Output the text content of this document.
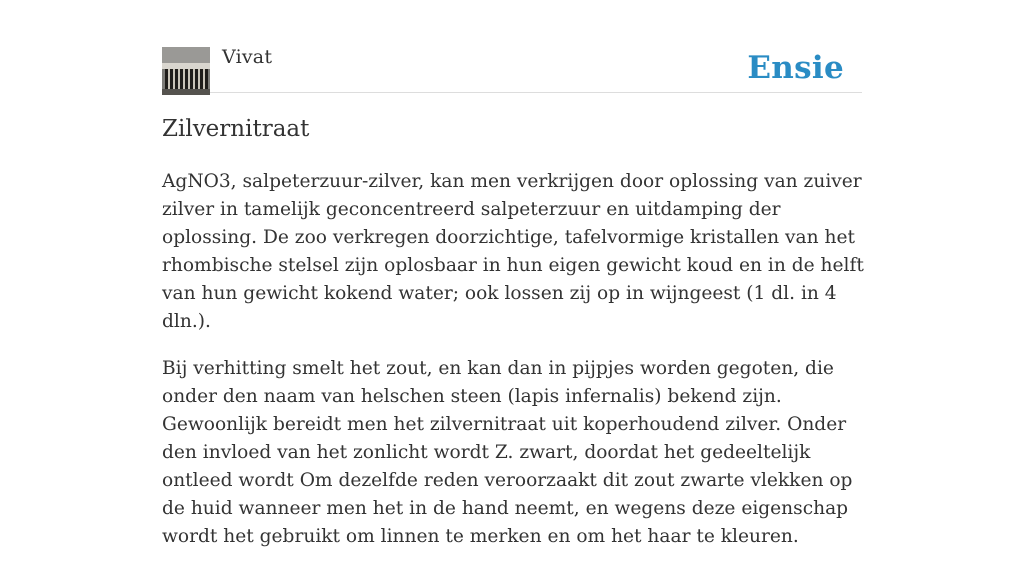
Vivat	Ensie
Zilvernitraat

AgNO3, salpeterzuur-zilver, kan men verkrijgen door oplossing van zuiver zilver in tamelijk geconcentreerd salpeterzuur en uitdamping der oplossing. De zoo verkregen doorzichtige, tafelvormige kristallen van het rhombische stelsel zijn oplosbaar in hun eigen gewicht koud en in de helft van hun gewicht kokend water; ook lossen zij op in wijngeest (1 dl. in 4 dln.).

Bij verhitting smelt het zout, en kan dan in pijpjes worden gegoten, die onder den naam van helschen steen (lapis infernalis) bekend zijn. Gewoonlijk bereidt men het zilvernitraat uit koperhoudend zilver. Onder den invloed van het zonlicht wordt Z. zwart, doordat het gedeeltelijk ontleed wordt Om dezelfde reden veroorzaakt dit zout zwarte vlekken op de huid wanneer men het in de hand neemt, en wegens deze eigenschap wordt het gebruikt om linnen te merken en om het haar te kleuren.
